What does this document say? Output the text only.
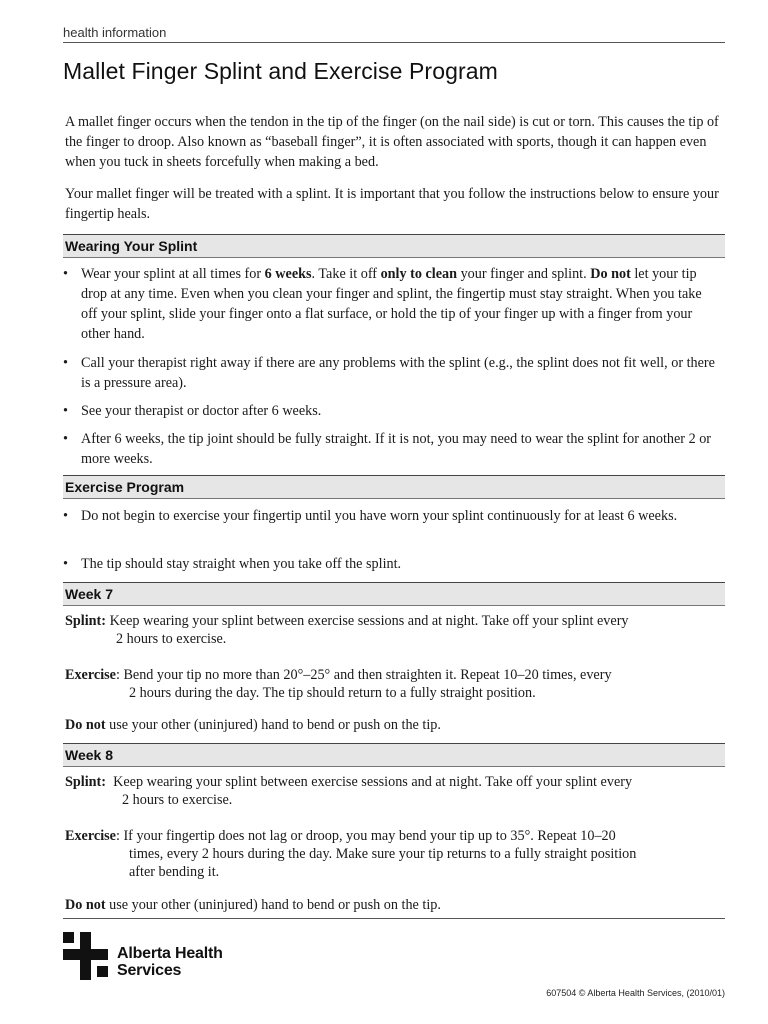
health information
Mallet Finger Splint and Exercise Program

A mallet finger occurs when the tendon in the tip of the finger (on the nail side) is cut or torn. This causes the tip of the finger to droop. Also known as “baseball finger”, it is often associated with sports, though it can happen even when you tuck in sheets forcefully when making a bed.

Your mallet finger will be treated with a splint. It is important that you follow the instructions below to ensure your fingertip heals.

Wearing Your Splint
• Wear your splint at all times for 6 weeks. Take it off only to clean your finger and splint. Do not let your tip drop at any time. Even when you clean your finger and splint, the fingertip must stay straight. When you take off your splint, slide your finger onto a flat surface, or hold the tip of your finger up with a finger from your other hand.
• Call your therapist right away if there are any problems with the splint (e.g., the splint does not fit well, or there is a pressure area).
• See your therapist or doctor after 6 weeks.
• After 6 weeks, the tip joint should be fully straight. If it is not, you may need to wear the splint for another 2 or more weeks.
Exercise Program
• Do not begin to exercise your fingertip until you have worn your splint continuously for at least 6 weeks.
• The tip should stay straight when you take off the splint.
Week 7
Splint: Keep wearing your splint between exercise sessions and at night. Take off your splint every
2 hours to exercise.
Exercise: Bend your tip no more than 20°–25° and then straighten it. Repeat 10–20 times, every
2 hours during the day. The tip should return to a fully straight position.
Do not use your other (uninjured) hand to bend or push on the tip.
Week 8
Splint:  Keep wearing your splint between exercise sessions and at night. Take off your splint every
2 hours to exercise.
Exercise: If your fingertip does not lag or droop, you may bend your tip up to 35°. Repeat 10–20
times, every 2 hours during the day. Make sure your tip returns to a fully straight position
after bending it.
Do not use your other (uninjured) hand to bend or push on the tip.
Alberta Health
Services
607504 © Alberta Health Services, (2010/01)
